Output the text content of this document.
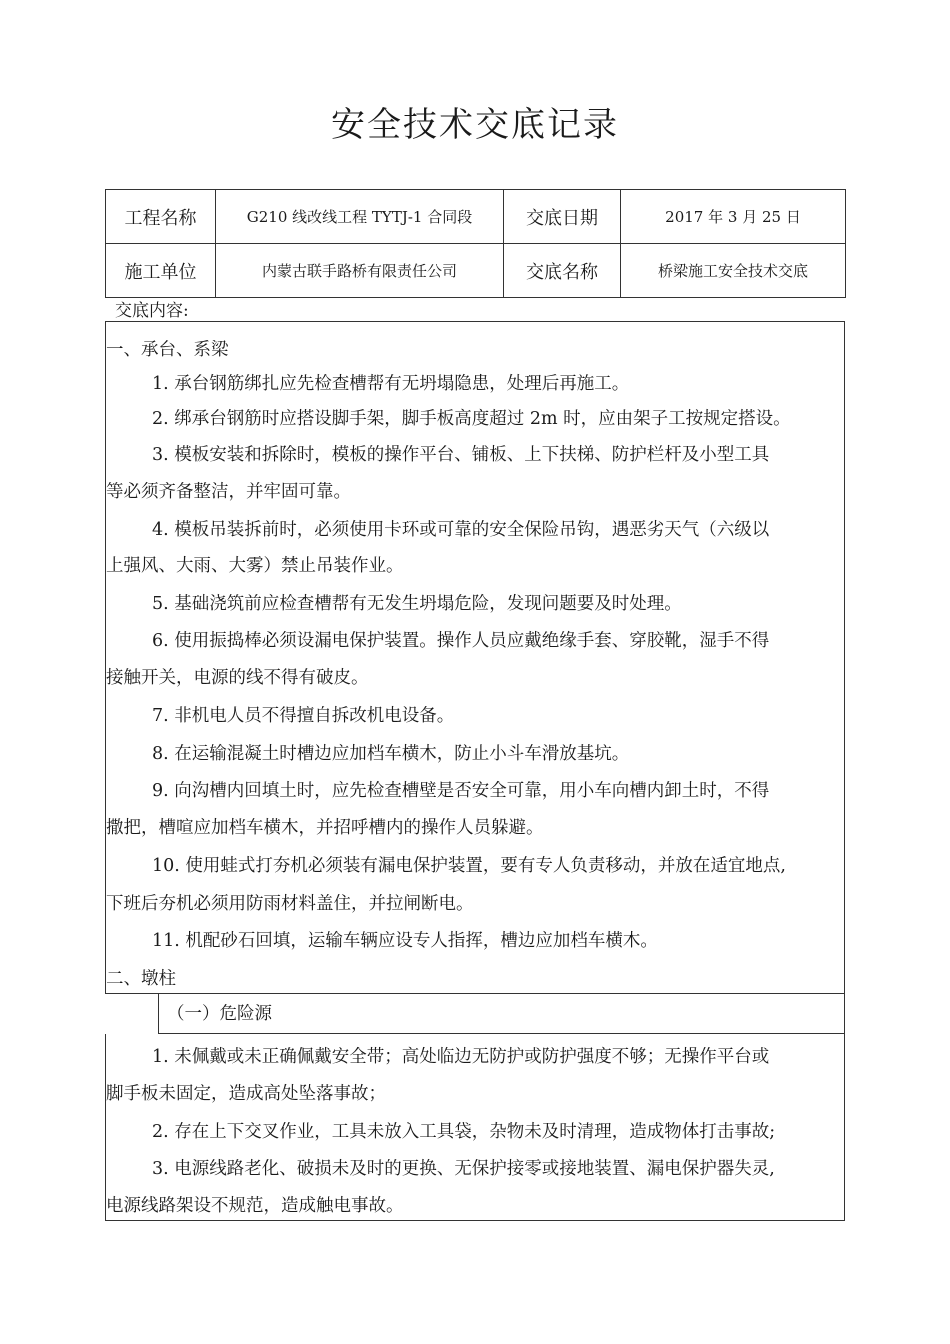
安全技术交底记录
工程名称	G210 线改线工程 TYTJ-1 合同段	交底日期	2017 年 3 月 25 日
施工单位	内蒙古联手路桥有限责任公司	交底名称	桥梁施工安全技术交底
交底内容:
一、承台、系梁
1. 承台钢筋绑扎应先检查槽帮有无坍塌隐患，处理后再施工。
2. 绑承台钢筋时应搭设脚手架，脚手板高度超过 2m 时，应由架子工按规定搭设。
3. 模板安装和拆除时，模板的操作平台、铺板、上下扶梯、防护栏杆及小型工具
等必须齐备整洁，并牢固可靠。
4. 模板吊装拆前时，必须使用卡环或可靠的安全保险吊钩，遇恶劣天气（六级以
上强风、大雨、大雾）禁止吊装作业。
5. 基础浇筑前应检查槽帮有无发生坍塌危险，发现问题要及时处理。
6. 使用振捣棒必须设漏电保护装置。操作人员应戴绝缘手套、穿胶靴，湿手不得
接触开关，电源的线不得有破皮。
7. 非机电人员不得擅自拆改机电设备。
8. 在运输混凝土时槽边应加档车横木，防止小斗车滑放基坑。
9. 向沟槽内回填土时，应先检查槽壁是否安全可靠，用小车向槽内卸土时，不得
撒把，槽喧应加档车横木，并招呼槽内的操作人员躲避。
10. 使用蛙式打夯机必须装有漏电保护装置，要有专人负责移动，并放在适宜地点,
下班后夯机必须用防雨材料盖住，并拉闸断电。
11. 机配砂石回填，运输车辆应设专人指挥，槽边应加档车横木。
二、墩柱
（一）危险源
1. 未佩戴或未正确佩戴安全带；高处临边无防护或防护强度不够；无操作平台或
脚手板未固定，造成高处坠落事故；
2. 存在上下交叉作业，工具未放入工具袋，杂物未及时清理，造成物体打击事故;
3. 电源线路老化、破损未及时的更换、无保护接零或接地装置、漏电保护器失灵,
电源线路架设不规范，造成触电事故。
